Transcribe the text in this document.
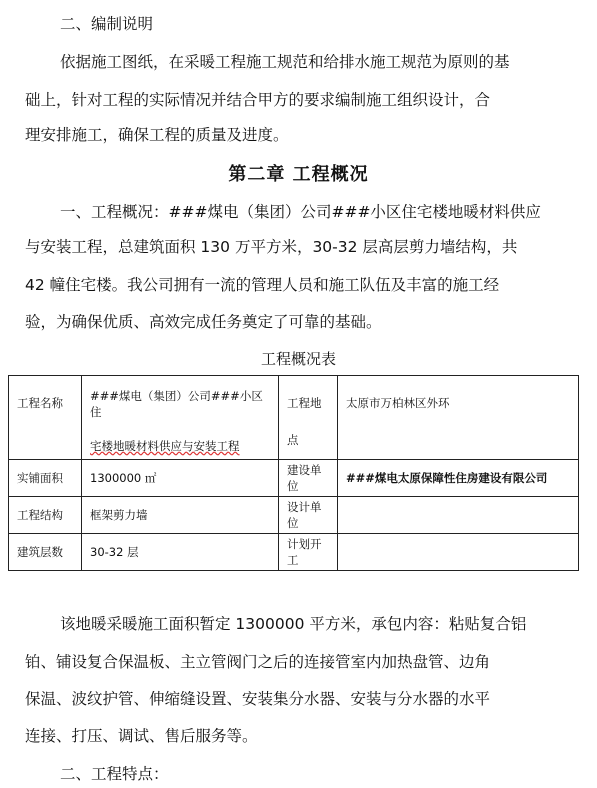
二、编制说明
依据施工图纸，在采暖工程施工规范和给排水施工规范为原则的基
础上，针对工程的实际情况并结合甲方的要求编制施工组织设计，合
理安排施工，确保工程的质量及进度。
第二章 工程概况
一、工程概况：###煤电（集团）公司###小区住宅楼地暖材料供应
与安装工程，总建筑面积 130 万平方米，30-32 层高层剪力墙结构，共
42 幢住宅楼。我公司拥有一流的管理人员和施工队伍及丰富的施工经
验，为确保优质、高效完成任务奠定了可靠的基础。
工程概况表
工程名称	###煤电（集团）公司###小区住
宅楼地暖材料供应与安装工程	工程地点	太原市万柏林区外环
实铺面积	1300000 ㎡	建设单位	###煤电太原保障性住房建设有限公司
工程结构	框架剪力墙	设计单位	
建筑层数	30-32 层	计划开工	
该地暖采暖施工面积暂定 1300000 平方米，承包内容：粘贴复合铝
铂、铺设复合保温板、主立管阀门之后的连接管室内加热盘管、边角
保温、波纹护管、伸缩缝设置、安装集分水器、安装与分水器的水平
连接、打压、调试、售后服务等。
二、工程特点：
